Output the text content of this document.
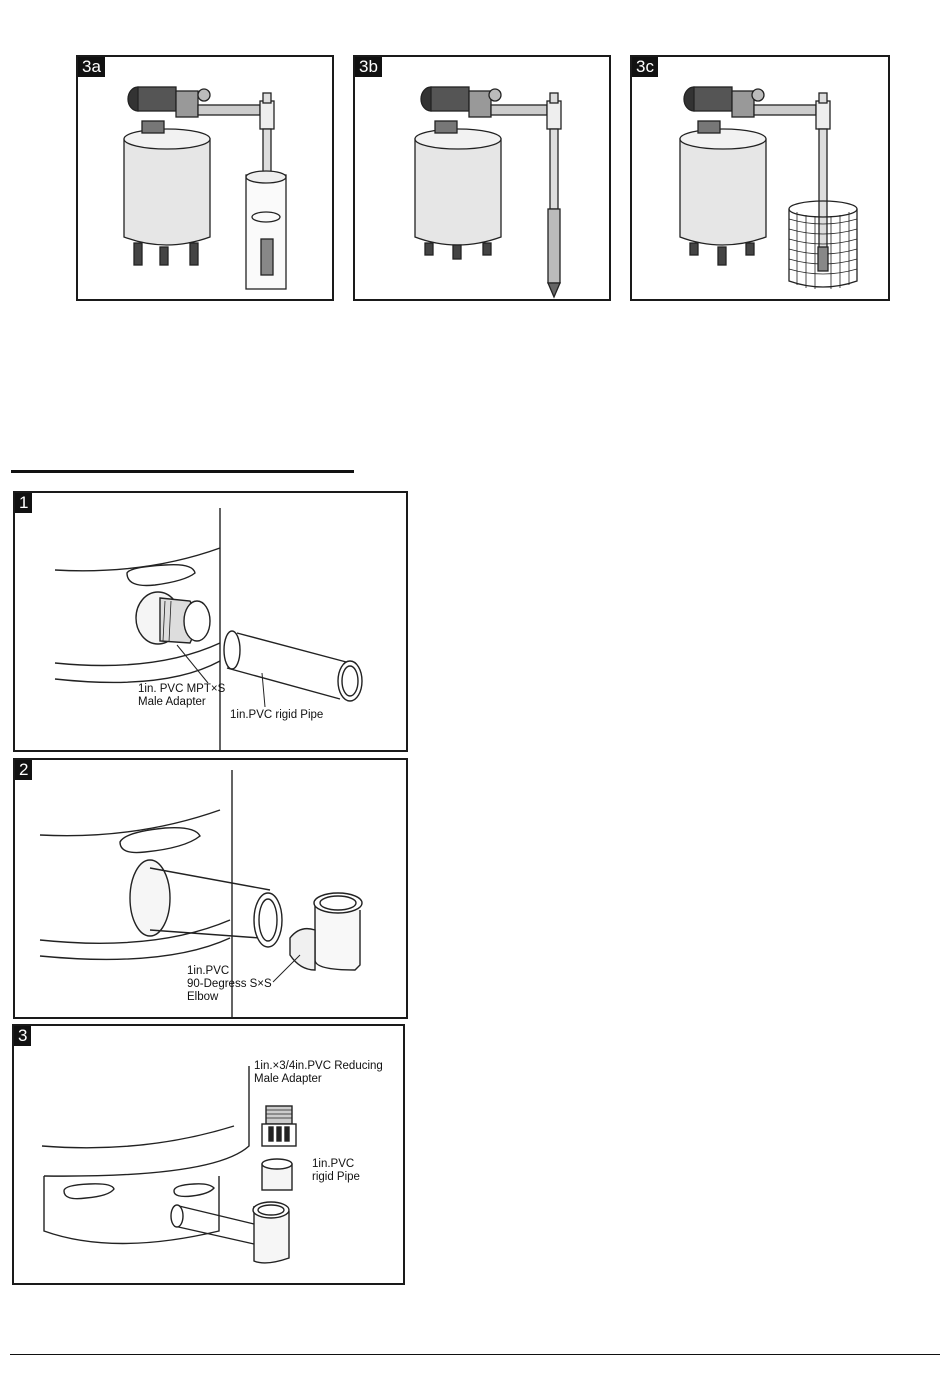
3a	3b	3c
1
1in. PVC MPT×S
Male Adapter
1in.PVC rigid Pipe
2
1in.PVC
90-Degress S×S
Elbow
3
1in.×3/4in.PVC Reducing
Male Adapter
1in.PVC
rigid Pipe
